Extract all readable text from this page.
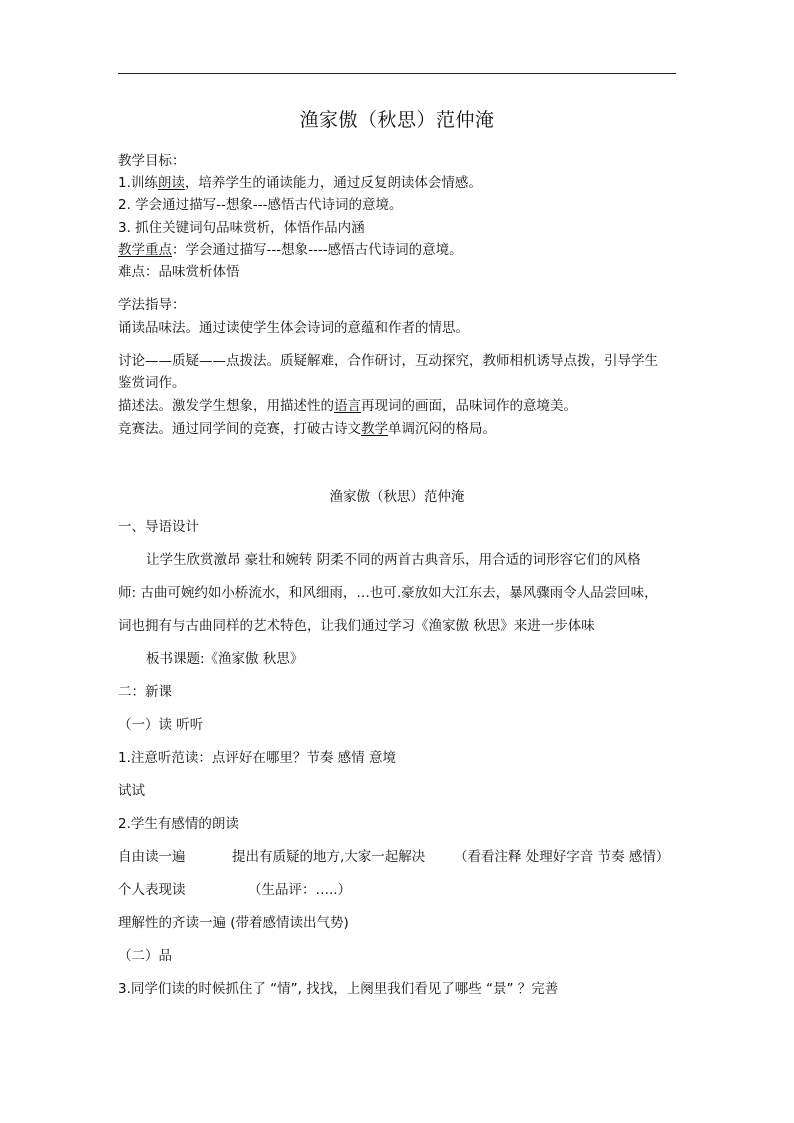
渔家傲（秋思）范仲淹
教学目标：
1.训练朗读，培养学生的诵读能力，通过反复朗读体会情感。
2. 学会通过描写--想象---感悟古代诗词的意境。
3. 抓住关键词句品味赏析，体悟作品内涵
教学重点：学会通过描写---想象----感悟古代诗词的意境。
难点：品味赏析体悟
学法指导：
诵读品味法。通过读使学生体会诗词的意蕴和作者的情思。
讨论——质疑——点拨法。质疑解难，合作研讨，互动探究，教师相机诱导点拨，引导学生
鉴赏词作。
描述法。激发学生想象，用描述性的语言再现词的画面，品味词作的意境美。
竞赛法。通过同学间的竞赛，打破古诗文教学单调沉闷的格局。
渔家傲（秋思）范仲淹
一、导语设计
让学生欣赏激昂 豪壮和婉转 阴柔不同的两首古典音乐，用合适的词形容它们的风格
师: 古曲可婉约如小桥流水，和风细雨，…也可.豪放如大江东去，暴风骤雨令人品尝回味，
词也拥有与古曲同样的艺术特色，让我们通过学习《渔家傲 秋思》来进一步体味
板书课题:《渔家傲 秋思》
二：新课
（一）读 听听
1.注意听范读：点评好在哪里？节奏 感情 意境
试试
2.学生有感情的朗读
自由读一遍	提出有质疑的地方,大家一起解决 （看看注释 处理好字音 节奏 感情）
个人表现读	（生品评：…..）
理解性的齐读一遍 (带着感情读出气势)
（二）品
3.同学们读的时候抓住了 “情”, 找找，上阕里我们看见了哪些 “景” ？完善
